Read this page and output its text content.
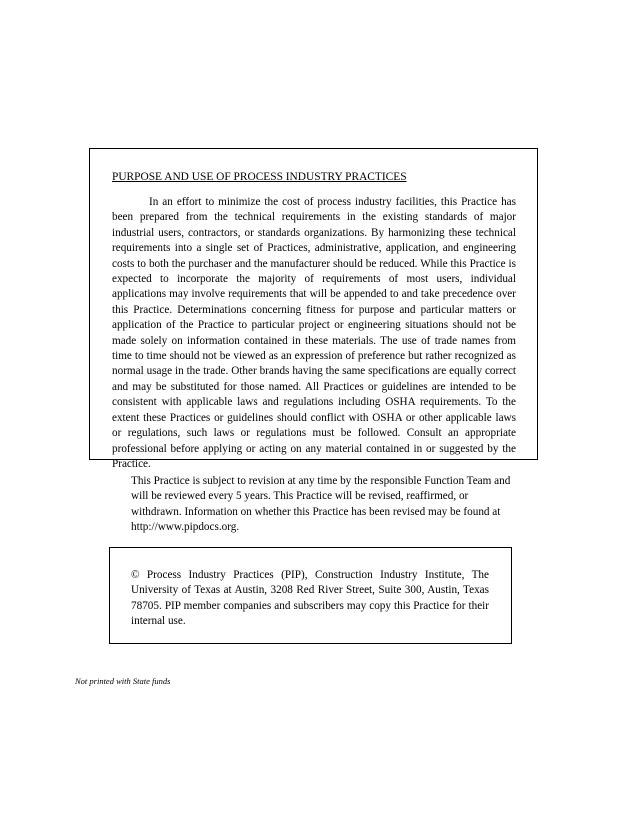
PURPOSE AND USE OF PROCESS INDUSTRY PRACTICES

In an effort to minimize the cost of process industry facilities, this Practice has been prepared from the technical requirements in the existing standards of major industrial users, contractors, or standards organizations. By harmonizing these technical requirements into a single set of Practices, administrative, application, and engineering costs to both the purchaser and the manufacturer should be reduced. While this Practice is expected to incorporate the majority of requirements of most users, individual applications may involve requirements that will be appended to and take precedence over this Practice. Determinations concerning fitness for purpose and particular matters or application of the Practice to particular project or engineering situations should not be made solely on information contained in these materials. The use of trade names from time to time should not be viewed as an expression of preference but rather recognized as normal usage in the trade. Other brands having the same specifications are equally correct and may be substituted for those named. All Practices or guidelines are intended to be consistent with applicable laws and regulations including OSHA requirements. To the extent these Practices or guidelines should conflict with OSHA or other applicable laws or regulations, such laws or regulations must be followed. Consult an appropriate professional before applying or acting on any material contained in or suggested by the Practice.

This Practice is subject to revision at any time by the responsible Function Team and will be reviewed every 5 years. This Practice will be revised, reaffirmed, or withdrawn. Information on whether this Practice has been revised may be found at http://www.pipdocs.org.

© Process Industry Practices (PIP), Construction Industry Institute, The University of Texas at Austin, 3208 Red River Street, Suite 300, Austin, Texas 78705. PIP member companies and subscribers may copy this Practice for their internal use.

Not printed with State funds
